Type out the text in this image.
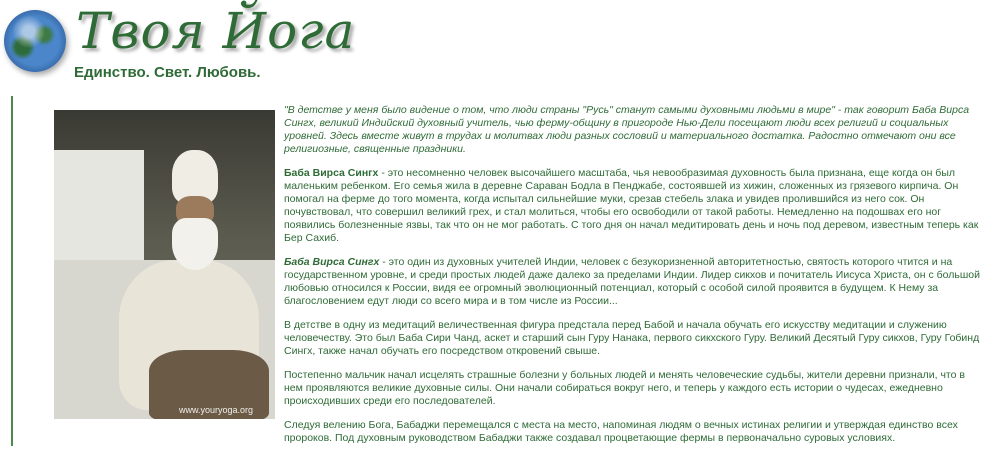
Твоя Йога
Единство. Свет. Любовь.
www.youryoga.org

"В детстве у меня было видение о том, что люди страны "Русь" станут самыми духовными людьми в мире" - так говорит Баба Вирса Сингх, великий Индийский духовный учитель, чью ферму-общину в пригороде Нью-Дели посещают люди всех религий и социальных уровней. Здесь вместе живут в трудах и молитвах люди разных сословий и материального достатка. Радостно отмечают они все религиозные, священные праздники.

Баба Вирса Сингх - это несомненно человек высочайшего масштаба, чья невообразимая духовность была признана, еще когда он был маленьким ребенком. Его семья жила в деревне Сараван Бодла в Пенджабе, состоявшей из хижин, сложенных из грязевого кирпича. Он помогал на ферме до того момента, когда испытал сильнейшие муки, срезав стебель злака и увидев пролившийся из него сок. Он почувствовал, что совершил великий грех, и стал молиться, чтобы его освободили от такой работы. Немедленно на подошвах его ног появились болезненные язвы, так что он не мог работать. С того дня он начал медитировать день и ночь под деревом, известным теперь как Бер Сахиб.

Баба Вирса Сингх - это один из духовных учителей Индии, человек с безукоризненной авторитетностью, святость которого чтится и на государственном уровне, и среди простых людей даже далеко за пределами Индии. Лидер сикхов и почитатель Иисуса Христа, он с большой любовью относился к России, видя ее огромный эволюционный потенциал, который с особой силой проявится в будущем. К Нему за благословением едут люди со всего мира и в том числе из России...

В детстве в одну из медитаций величественная фигура предстала перед Бабой и начала обучать его искусству медитации и служению человечеству. Это был Баба Сири Чанд, аскет и старший сын Гуру Нанака, первого сикхского Гуру. Великий Десятый Гуру сикхов, Гуру Гобинд Сингх, также начал обучать его посредством откровений свыше.

Постепенно мальчик начал исцелять страшные болезни у больных людей и менять человеческие судьбы, жители деревни признали, что в нем проявляются великие духовные силы. Они начали собираться вокруг него, и теперь у каждого есть истории о чудесах, ежедневно происходивших среди его последователей.

Следуя велению Бога, Бабаджи перемещался с места на место, напоминая людям о вечных истинах религии и утверждая единство всех пророков. Под духовным руководством Бабаджи также создавал процветающие фермы в первоначально суровых условиях.
